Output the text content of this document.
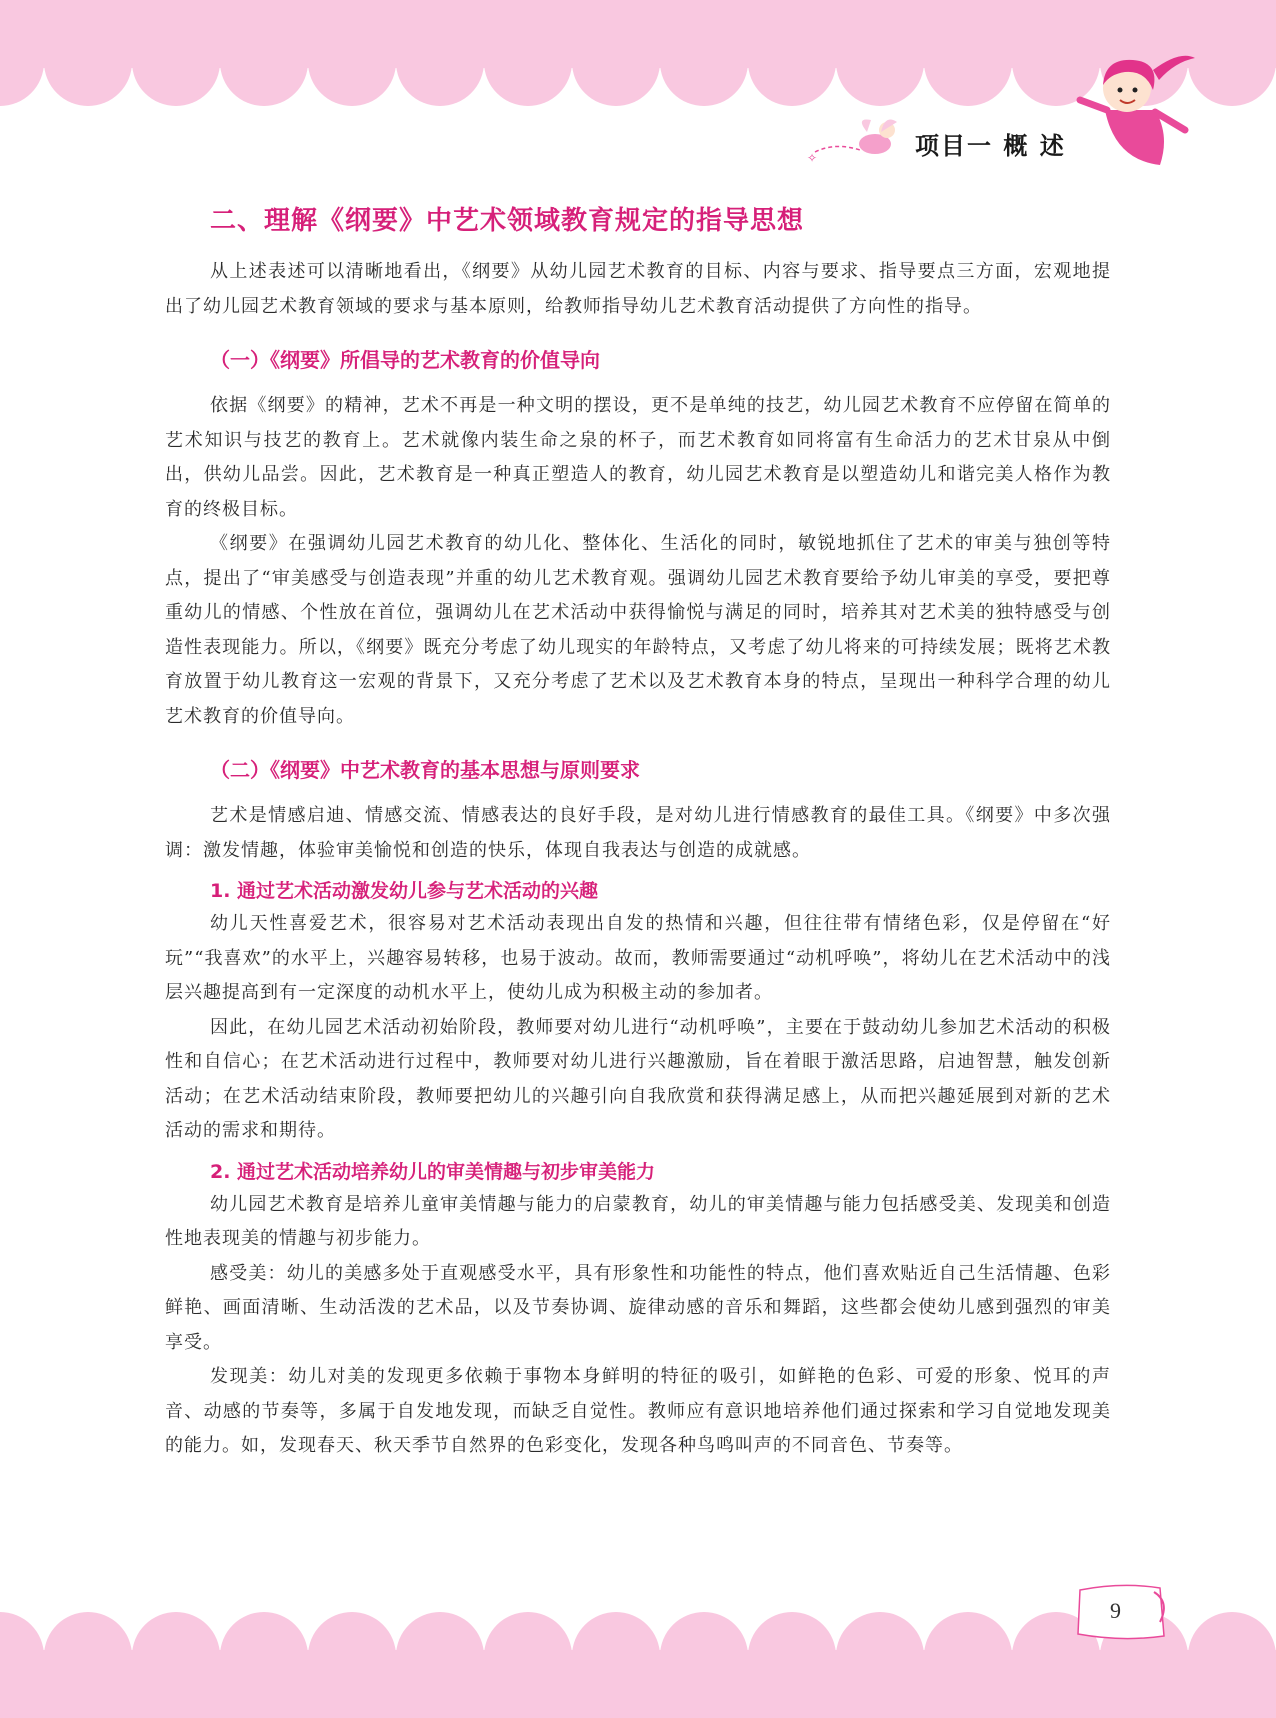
✧	项目一 概 述
二、理解《纲要》中艺术领域教育规定的指导思想

从上述表述可以清晰地看出，《纲要》从幼儿园艺术教育的目标、内容与要求、指导要点三方面，宏观地提出了幼儿园艺术教育领域的要求与基本原则，给教师指导幼儿艺术教育活动提供了方向性的指导。

（一）《纲要》所倡导的艺术教育的价值导向

依据《纲要》的精神，艺术不再是一种文明的摆设，更不是单纯的技艺，幼儿园艺术教育不应停留在简单的艺术知识与技艺的教育上。艺术就像内装生命之泉的杯子，而艺术教育如同将富有生命活力的艺术甘泉从中倒出，供幼儿品尝。因此，艺术教育是一种真正塑造人的教育，幼儿园艺术教育是以塑造幼儿和谐完美人格作为教育的终极目标。

《纲要》在强调幼儿园艺术教育的幼儿化、整体化、生活化的同时，敏锐地抓住了艺术的审美与独创等特点，提出了“审美感受与创造表现”并重的幼儿艺术教育观。强调幼儿园艺术教育要给予幼儿审美的享受，要把尊重幼儿的情感、个性放在首位，强调幼儿在艺术活动中获得愉悦与满足的同时，培养其对艺术美的独特感受与创造性表现能力。所以，《纲要》既充分考虑了幼儿现实的年龄特点，又考虑了幼儿将来的可持续发展；既将艺术教育放置于幼儿教育这一宏观的背景下，又充分考虑了艺术以及艺术教育本身的特点，呈现出一种科学合理的幼儿艺术教育的价值导向。

（二）《纲要》中艺术教育的基本思想与原则要求

艺术是情感启迪、情感交流、情感表达的良好手段，是对幼儿进行情感教育的最佳工具。《纲要》中多次强调：激发情趣，体验审美愉悦和创造的快乐，体现自我表达与创造的成就感。

1. 通过艺术活动激发幼儿参与艺术活动的兴趣

幼儿天性喜爱艺术，很容易对艺术活动表现出自发的热情和兴趣，但往往带有情绪色彩，仅是停留在“好玩”“我喜欢”的水平上，兴趣容易转移，也易于波动。故而，教师需要通过“动机呼唤”，将幼儿在艺术活动中的浅层兴趣提高到有一定深度的动机水平上，使幼儿成为积极主动的参加者。

因此，在幼儿园艺术活动初始阶段，教师要对幼儿进行“动机呼唤”，主要在于鼓动幼儿参加艺术活动的积极性和自信心；在艺术活动进行过程中，教师要对幼儿进行兴趣激励，旨在着眼于激活思路，启迪智慧，触发创新活动；在艺术活动结束阶段，教师要把幼儿的兴趣引向自我欣赏和获得满足感上，从而把兴趣延展到对新的艺术活动的需求和期待。

2. 通过艺术活动培养幼儿的审美情趣与初步审美能力

幼儿园艺术教育是培养儿童审美情趣与能力的启蒙教育，幼儿的审美情趣与能力包括感受美、发现美和创造性地表现美的情趣与初步能力。

感受美：幼儿的美感多处于直观感受水平，具有形象性和功能性的特点，他们喜欢贴近自己生活情趣、色彩鲜艳、画面清晰、生动活泼的艺术品，以及节奏协调、旋律动感的音乐和舞蹈，这些都会使幼儿感到强烈的审美享受。

发现美：幼儿对美的发现更多依赖于事物本身鲜明的特征的吸引，如鲜艳的色彩、可爱的形象、悦耳的声音、动感的节奏等，多属于自发地发现，而缺乏自觉性。教师应有意识地培养他们通过探索和学习自觉地发现美的能力。如，发现春天、秋天季节自然界的色彩变化，发现各种鸟鸣叫声的不同音色、节奏等。

9
